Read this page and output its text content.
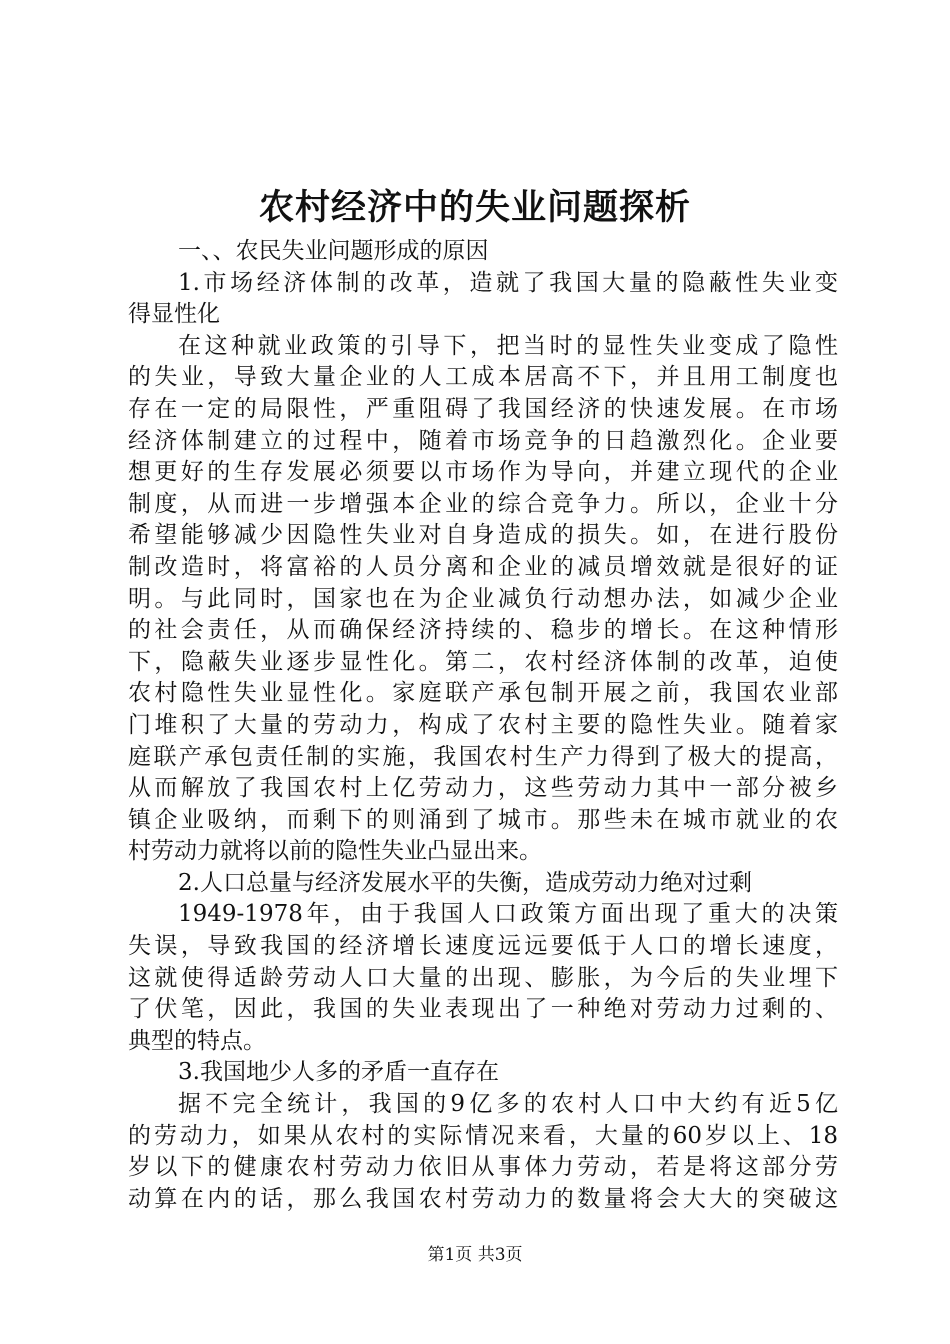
农村经济中的失业问题探析
一、、农民失业问题形成的原因
1.市场经济体制的改革，造就了我国大量的隐蔽性失业变
得显性化
在这种就业政策的引导下，把当时的显性失业变成了隐性
的失业，导致大量企业的人工成本居高不下，并且用工制度也
存在一定的局限性，严重阻碍了我国经济的快速发展。在市场
经济体制建立的过程中，随着市场竞争的日趋激烈化。企业要
想更好的生存发展必须要以市场作为导向，并建立现代的企业
制度，从而进一步增强本企业的综合竞争力。所以，企业十分
希望能够减少因隐性失业对自身造成的损失。如，在进行股份
制改造时，将富裕的人员分离和企业的减员增效就是很好的证
明。与此同时，国家也在为企业减负行动想办法，如减少企业
的社会责任，从而确保经济持续的、稳步的增长。在这种情形
下，隐蔽失业逐步显性化。第二，农村经济体制的改革，迫使
农村隐性失业显性化。家庭联产承包制开展之前，我国农业部
门堆积了大量的劳动力，构成了农村主要的隐性失业。随着家
庭联产承包责任制的实施，我国农村生产力得到了极大的提高，
从而解放了我国农村上亿劳动力，这些劳动力其中一部分被乡
镇企业吸纳，而剩下的则涌到了城市。那些未在城市就业的农
村劳动力就将以前的隐性失业凸显出来。
2.人口总量与经济发展水平的失衡，造成劳动力绝对过剩
1949-1978年，由于我国人口政策方面出现了重大的决策
失误，导致我国的经济增长速度远远要低于人口的增长速度，
这就使得适龄劳动人口大量的出现、膨胀，为今后的失业埋下
了伏笔，因此，我国的失业表现出了一种绝对劳动力过剩的、
典型的特点。
3.我国地少人多的矛盾一直存在
据不完全统计，我国的9亿多的农村人口中大约有近5亿
的劳动力，如果从农村的实际情况来看，大量的60岁以上、18
岁以下的健康农村劳动力依旧从事体力劳动，若是将这部分劳
动算在内的话，那么我国农村劳动力的数量将会大大的突破这
第1页 共3页
